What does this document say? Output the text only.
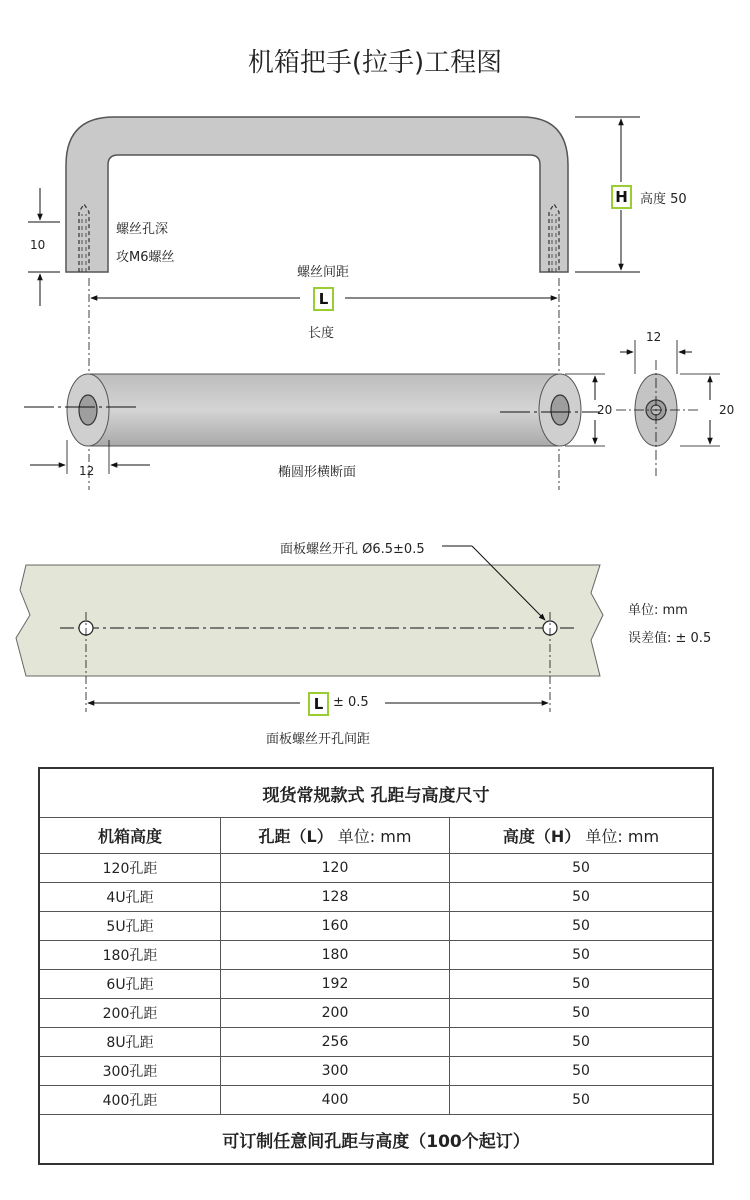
机箱把手(拉手)工程图
10
螺丝孔深
攻M6螺丝
H 高度 50
螺丝间距
L
长度
12
20
椭圆形横断面
12
20
面板螺丝开孔 Ø6.5±0.5
单位: mm
误差值: ± 0.5
L ± 0.5
面板螺丝开孔间距
现货常规款式 孔距与高度尺寸		
机箱高度	孔距（L） 单位: mm	高度（H） 单位: mm
120孔距	120	50
4U孔距	128	50
5U孔距	160	50
180孔距	180	50
6U孔距	192	50
200孔距	200	50
8U孔距	256	50
300孔距	300	50
400孔距	400	50
可订制任意间孔距与高度（100个起订）		
